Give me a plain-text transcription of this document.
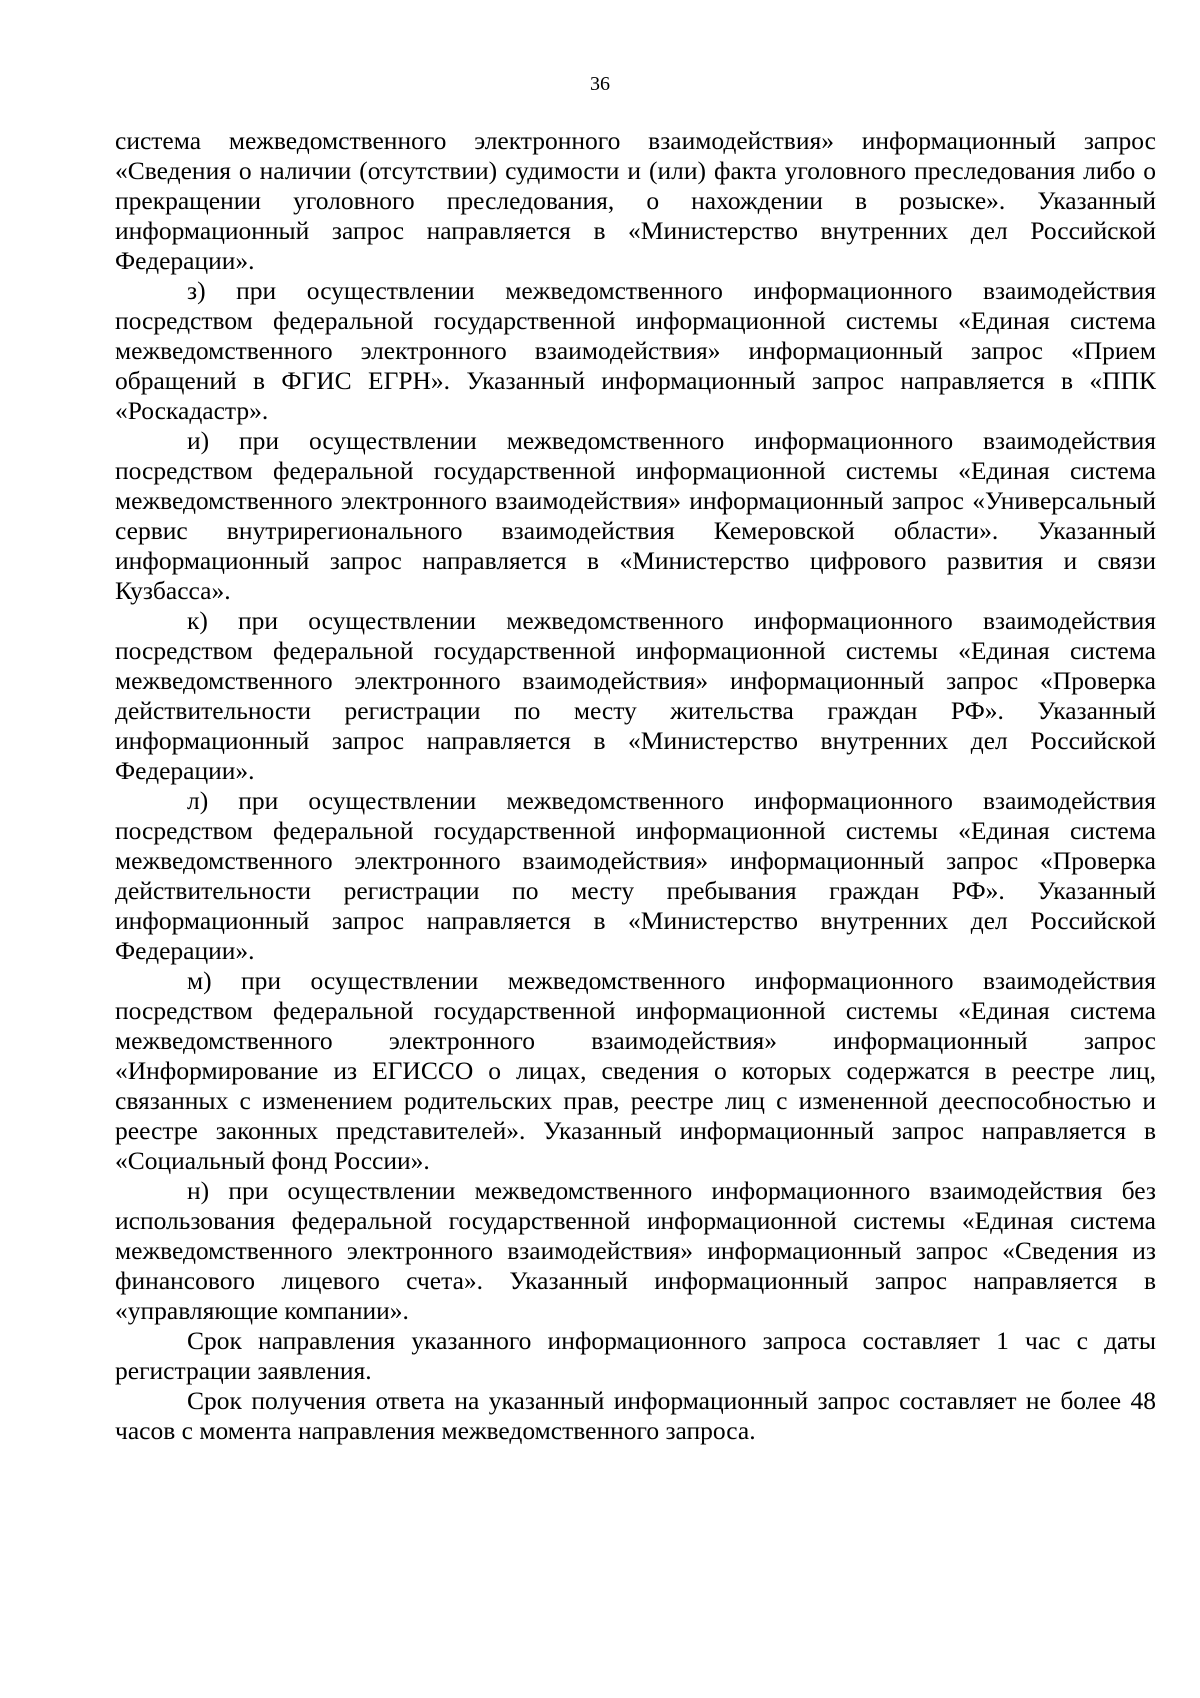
36

система межведомственного электронного взаимодействия» информационный запрос «Сведения о наличии (отсутствии) судимости и (или) факта уголовного преследования либо о прекращении уголовного преследования, о нахождении в розыске». Указанный информационный запрос направляется в «Министерство внутренних дел Российской Федерации».

з) при осуществлении межведомственного информационного взаимодействия посредством федеральной государственной информационной системы «Единая система межведомственного электронного взаимодействия» информационный запрос «Прием обращений в ФГИС ЕГРН». Указанный информационный запрос направляется в «ППК «Роскадастр».

и) при осуществлении межведомственного информационного взаимодействия посредством федеральной государственной информационной системы «Единая система межведомственного электронного взаимодействия» информационный запрос «Универсальный сервис внутрирегионального взаимодействия Кемеровской области». Указанный информационный запрос направляется в «Министерство цифрового развития и связи Кузбасса».

к) при осуществлении межведомственного информационного взаимодействия посредством федеральной государственной информационной системы «Единая система межведомственного электронного взаимодействия» информационный запрос «Проверка действительности регистрации по месту жительства граждан РФ». Указанный информационный запрос направляется в «Министерство внутренних дел Российской Федерации».

л) при осуществлении межведомственного информационного взаимодействия посредством федеральной государственной информационной системы «Единая система межведомственного электронного взаимодействия» информационный запрос «Проверка действительности регистрации по месту пребывания граждан РФ». Указанный информационный запрос направляется в «Министерство внутренних дел Российской Федерации».

м) при осуществлении межведомственного информационного взаимодействия посредством федеральной государственной информационной системы «Единая система межведомственного электронного взаимодействия» информационный запрос «Информирование из ЕГИССО о лицах, сведения о которых содержатся в реестре лиц, связанных с изменением родительских прав, реестре лиц с измененной дееспособностью и реестре законных представителей». Указанный информационный запрос направляется в «Социальный фонд России».

н) при осуществлении межведомственного информационного взаимодействия без использования федеральной государственной информационной системы «Единая система межведомственного электронного взаимодействия» информационный запрос «Сведения из финансового лицевого счета». Указанный информационный запрос направляется в «управляющие компании».

Срок направления указанного информационного запроса составляет 1 час с даты регистрации заявления.

Срок получения ответа на указанный информационный запрос составляет не более 48 часов с момента направления межведомственного запроса.
